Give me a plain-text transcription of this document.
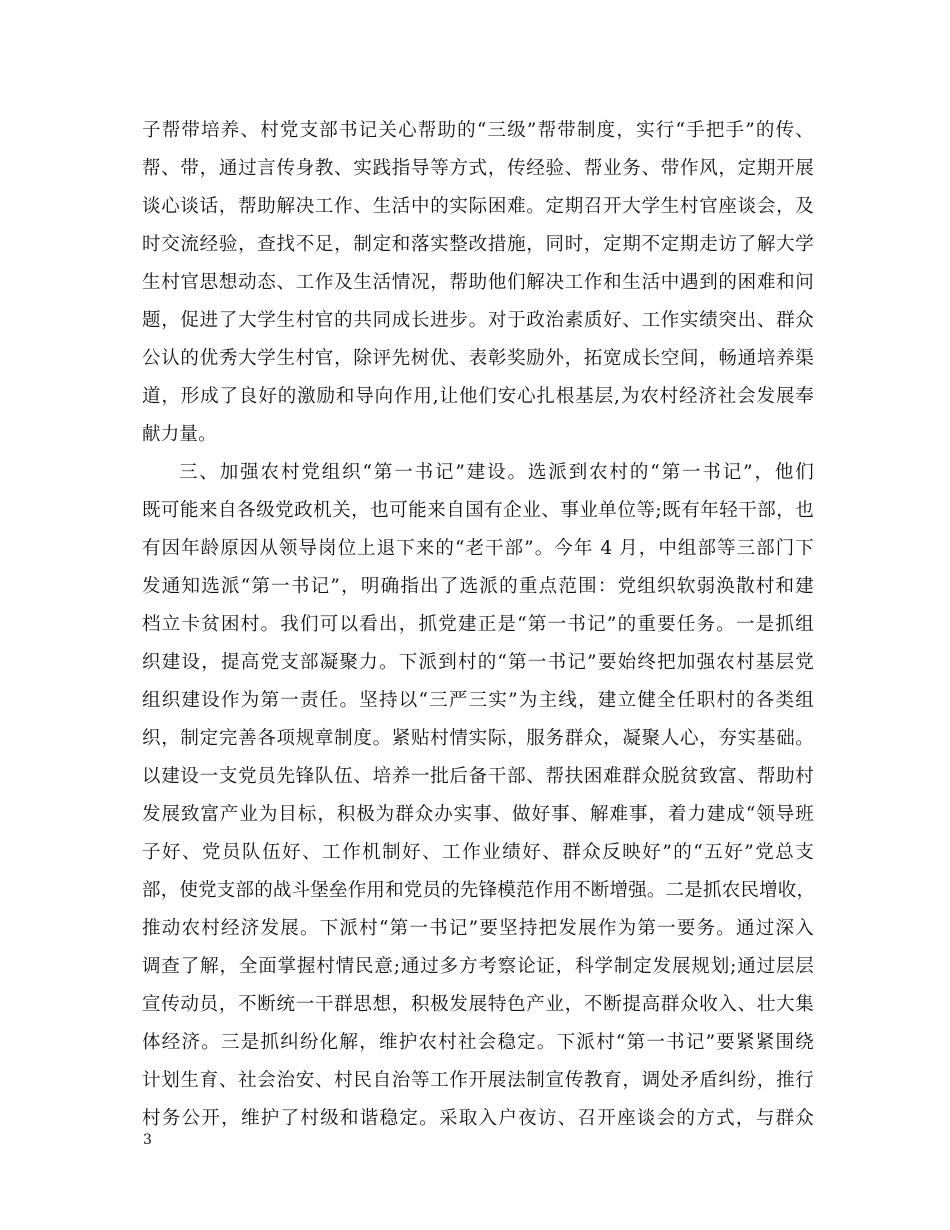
子帮带培养、村党支部书记关心帮助的“三级”帮带制度，实行“手把手”的传、
帮、带，通过言传身教、实践指导等方式，传经验、帮业务、带作风，定期开展
谈心谈话，帮助解决工作、生活中的实际困难。定期召开大学生村官座谈会，及
时交流经验，查找不足，制定和落实整改措施，同时，定期不定期走访了解大学
生村官思想动态、工作及生活情况，帮助他们解决工作和生活中遇到的困难和问
题，促进了大学生村官的共同成长进步。对于政治素质好、工作实绩突出、群众
公认的优秀大学生村官，除评先树优、表彰奖励外，拓宽成长空间，畅通培养渠
道，形成了良好的激励和导向作用,让他们安心扎根基层,为农村经济社会发展奉
献力量。
三、加强农村党组织“第一书记”建设。选派到农村的“第一书记”，他们
既可能来自各级党政机关，也可能来自国有企业、事业单位等;既有年轻干部，也
有因年龄原因从领导岗位上退下来的“老干部”。今年 4 月，中组部等三部门下
发通知选派“第一书记”，明确指出了选派的重点范围：党组织软弱涣散村和建
档立卡贫困村。我们可以看出，抓党建正是“第一书记”的重要任务。一是抓组
织建设，提高党支部凝聚力。下派到村的“第一书记”要始终把加强农村基层党
组织建设作为第一责任。坚持以“三严三实”为主线，建立健全任职村的各类组
织，制定完善各项规章制度。紧贴村情实际，服务群众，凝聚人心，夯实基础。
以建设一支党员先锋队伍、培养一批后备干部、帮扶困难群众脱贫致富、帮助村
发展致富产业为目标，积极为群众办实事、做好事、解难事，着力建成“领导班
子好、党员队伍好、工作机制好、工作业绩好、群众反映好”的“五好”党总支
部，使党支部的战斗堡垒作用和党员的先锋模范作用不断增强。二是抓农民增收，
推动农村经济发展。下派村“第一书记”要坚持把发展作为第一要务。通过深入
调查了解，全面掌握村情民意;通过多方考察论证，科学制定发展规划;通过层层
宣传动员，不断统一干群思想，积极发展特色产业，不断提高群众收入、壮大集
体经济。三是抓纠纷化解，维护农村社会稳定。下派村“第一书记”要紧紧围绕
计划生育、社会治安、村民自治等工作开展法制宣传教育，调处矛盾纠纷，推行
村务公开，维护了村级和谐稳定。采取入户夜访、召开座谈会的方式，与群众
3
